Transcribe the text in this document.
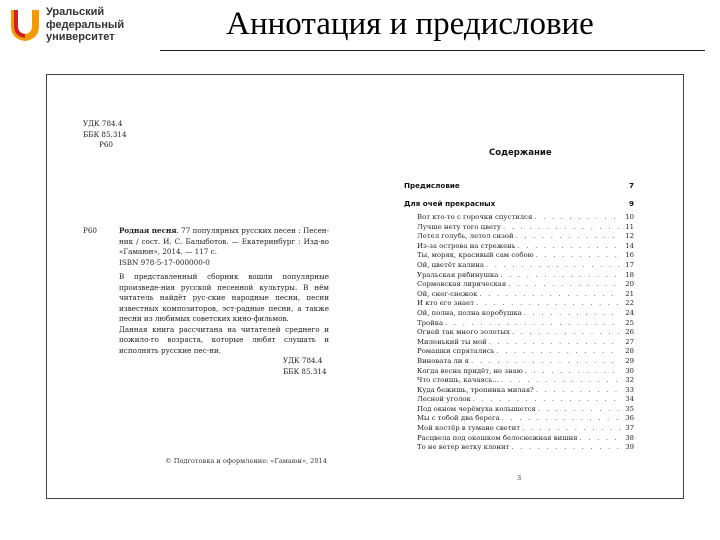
Уральский
федеральный
университет	Аннотация и предисловие
УДК 784.4
ББК 85.314
Р60
Р60	Родная песня. 77 популярных русских песен : Песен-ник / сост. И. С. Балыботов. — Екатеринбург : Изд-во «Гамаюн», 2014. — 117 с.

ISBN 978-5-17-000000-0

В представленный сборник вошли популярные произведе-ния русской песенной культуры. В нём читатель найдёт рус-ские народные песни, песни известных композиторов, эст-радные песни, а также песни из любимых советских кино-фильмов.

Данная книга рассчитана на читателей среднего и пожило-го возраста, которые любят слушать и исполнять русские пес-ни.

УДК 784.4
ББК 85.314
© Подготовка и оформление: «Гамаюн», 2014
Содержание
Предисловие	7
Для очей прекрасных	9
Вот кто-то с горочки спустился . . .	10
Лучше нету того цвету . . .	11
Летел голубь, летел сизой . . .	12
Из-за острова на стрежень . . .	14
Ты, моряк, красивый сам собою . . .	16
Ой, цветёт калина . . .	17
Уральская рябинушка . . .	18
Сормовская лирическая . . .	20
Ой, снег-снежок . . .	21
И кто его знает . . .	22
Ой, полна, полна коробушка . . .	24
Тройка . . .	25
Огней так много золотых . . .	26
Миленький ты мой . . .	27
Ромашки спрятались . . .	28
Виновата ли я . . .	29
Когда весна придёт, не знаю . . .	30
Что стоишь, качаясь... . . .	32
Куда бежишь, тропинка милая? . . .	33
Лесной уголок . . .	34
Под окном черёмуха колышется . . .	35
Мы с тобой два берега . . .	36
Мой костёр в тумане светит . . .	37
Расцвела под окошком белоснежная вишня . . .	38
То не ветер ветку клонит . . .	39
3
